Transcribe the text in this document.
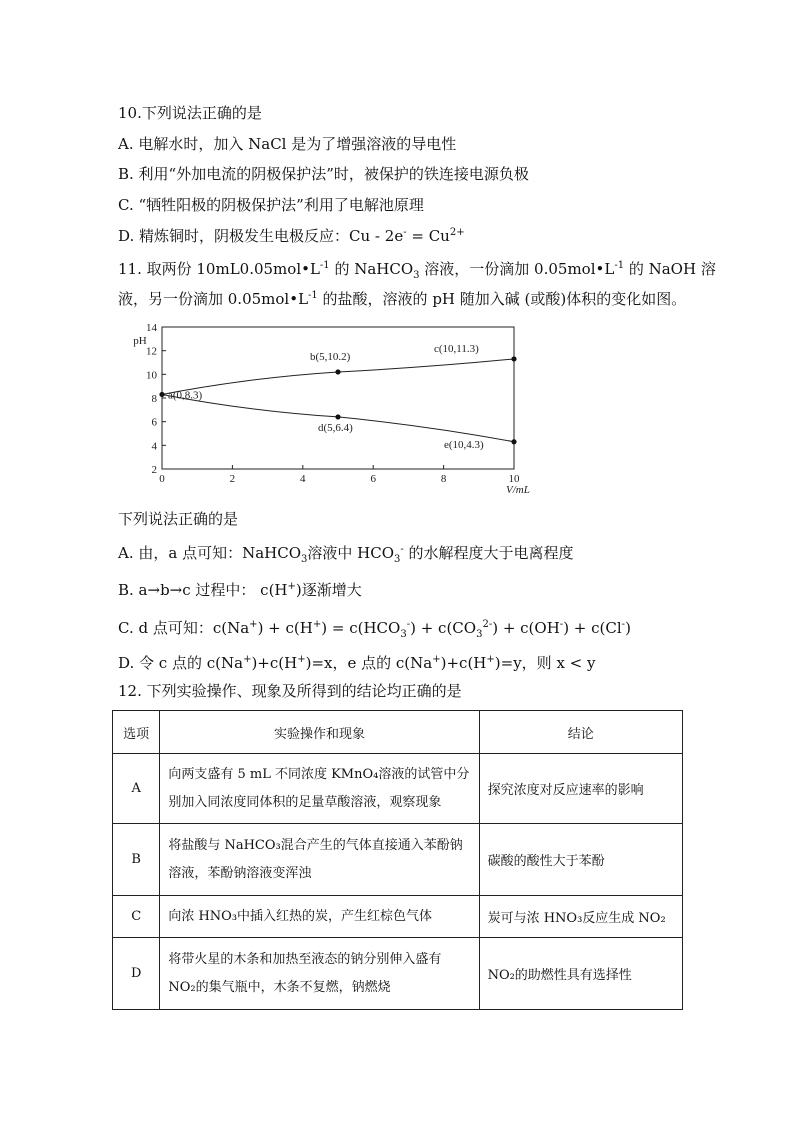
10.下列说法正确的是
A. 电解水时，加入 NaCl 是为了增强溶液的导电性
B. 利用“外加电流的阴极保护法”时，被保护的铁连接电源负极
C. “牺牲阳极的阴极保护法”利用了电解池原理
D. 精炼铜时，阴极发生电极反应：$Cu - 2e^- = Cu^{2+}$
11. 取两份 $10mL0.05mol•L^{-1}$ 的 NaHCO$_3$ 溶液，一份滴加 $0.05mol•L^{-1}$ 的 NaOH 溶
液，另一份滴加 $0.05mol•L^{-1}$ 的盐酸，溶液的 pH 随加入碱 (或酸)体积的变化如图。
0	2	4	6	8	10
2
4
6
8
10
12
14
pH
V/mL
a(0,8.3)
b(5,10.2)
c(10,11.3)
d(5,6.4)
e(10,4.3)
下列说法正确的是
A. 由，a 点可知：NaHCO$_3$溶液中 $HCO_3^-$ 的水解程度大于电离程度
B. a→b→c 过程中： c(H+)逐渐增大
C. d 点可知：$c(Na^+) + c(H^+) = c(HCO_3^-) + c(CO_3^{2-}) + c(OH^-) + c(Cl^-)$
D. 令 c 点的 c(Na+)+c(H+)=x，e 点的 c(Na+)+c(H+)=y，则 x < y
12. 下列实验操作、现象及所得到的结论均正确的是
选项	实验操作和现象	结论
A	向两支盛有 5 mL 不同浓度 KMnO₄溶液的试管中分
别加入同浓度同体积的足量草酸溶液，观察现象	探究浓度对反应速率的影响
B	将盐酸与 NaHCO₃混合产生的气体直接通入苯酚钠
溶液，苯酚钠溶液变浑浊	碳酸的酸性大于苯酚
C	向浓 HNO₃中插入红热的炭，产生红棕色气体	炭可与浓 HNO₃反应生成 NO₂
D	将带火星的木条和加热至液态的钠分别伸入盛有
NO₂的集气瓶中，木条不复燃，钠燃烧	NO₂的助燃性具有选择性
